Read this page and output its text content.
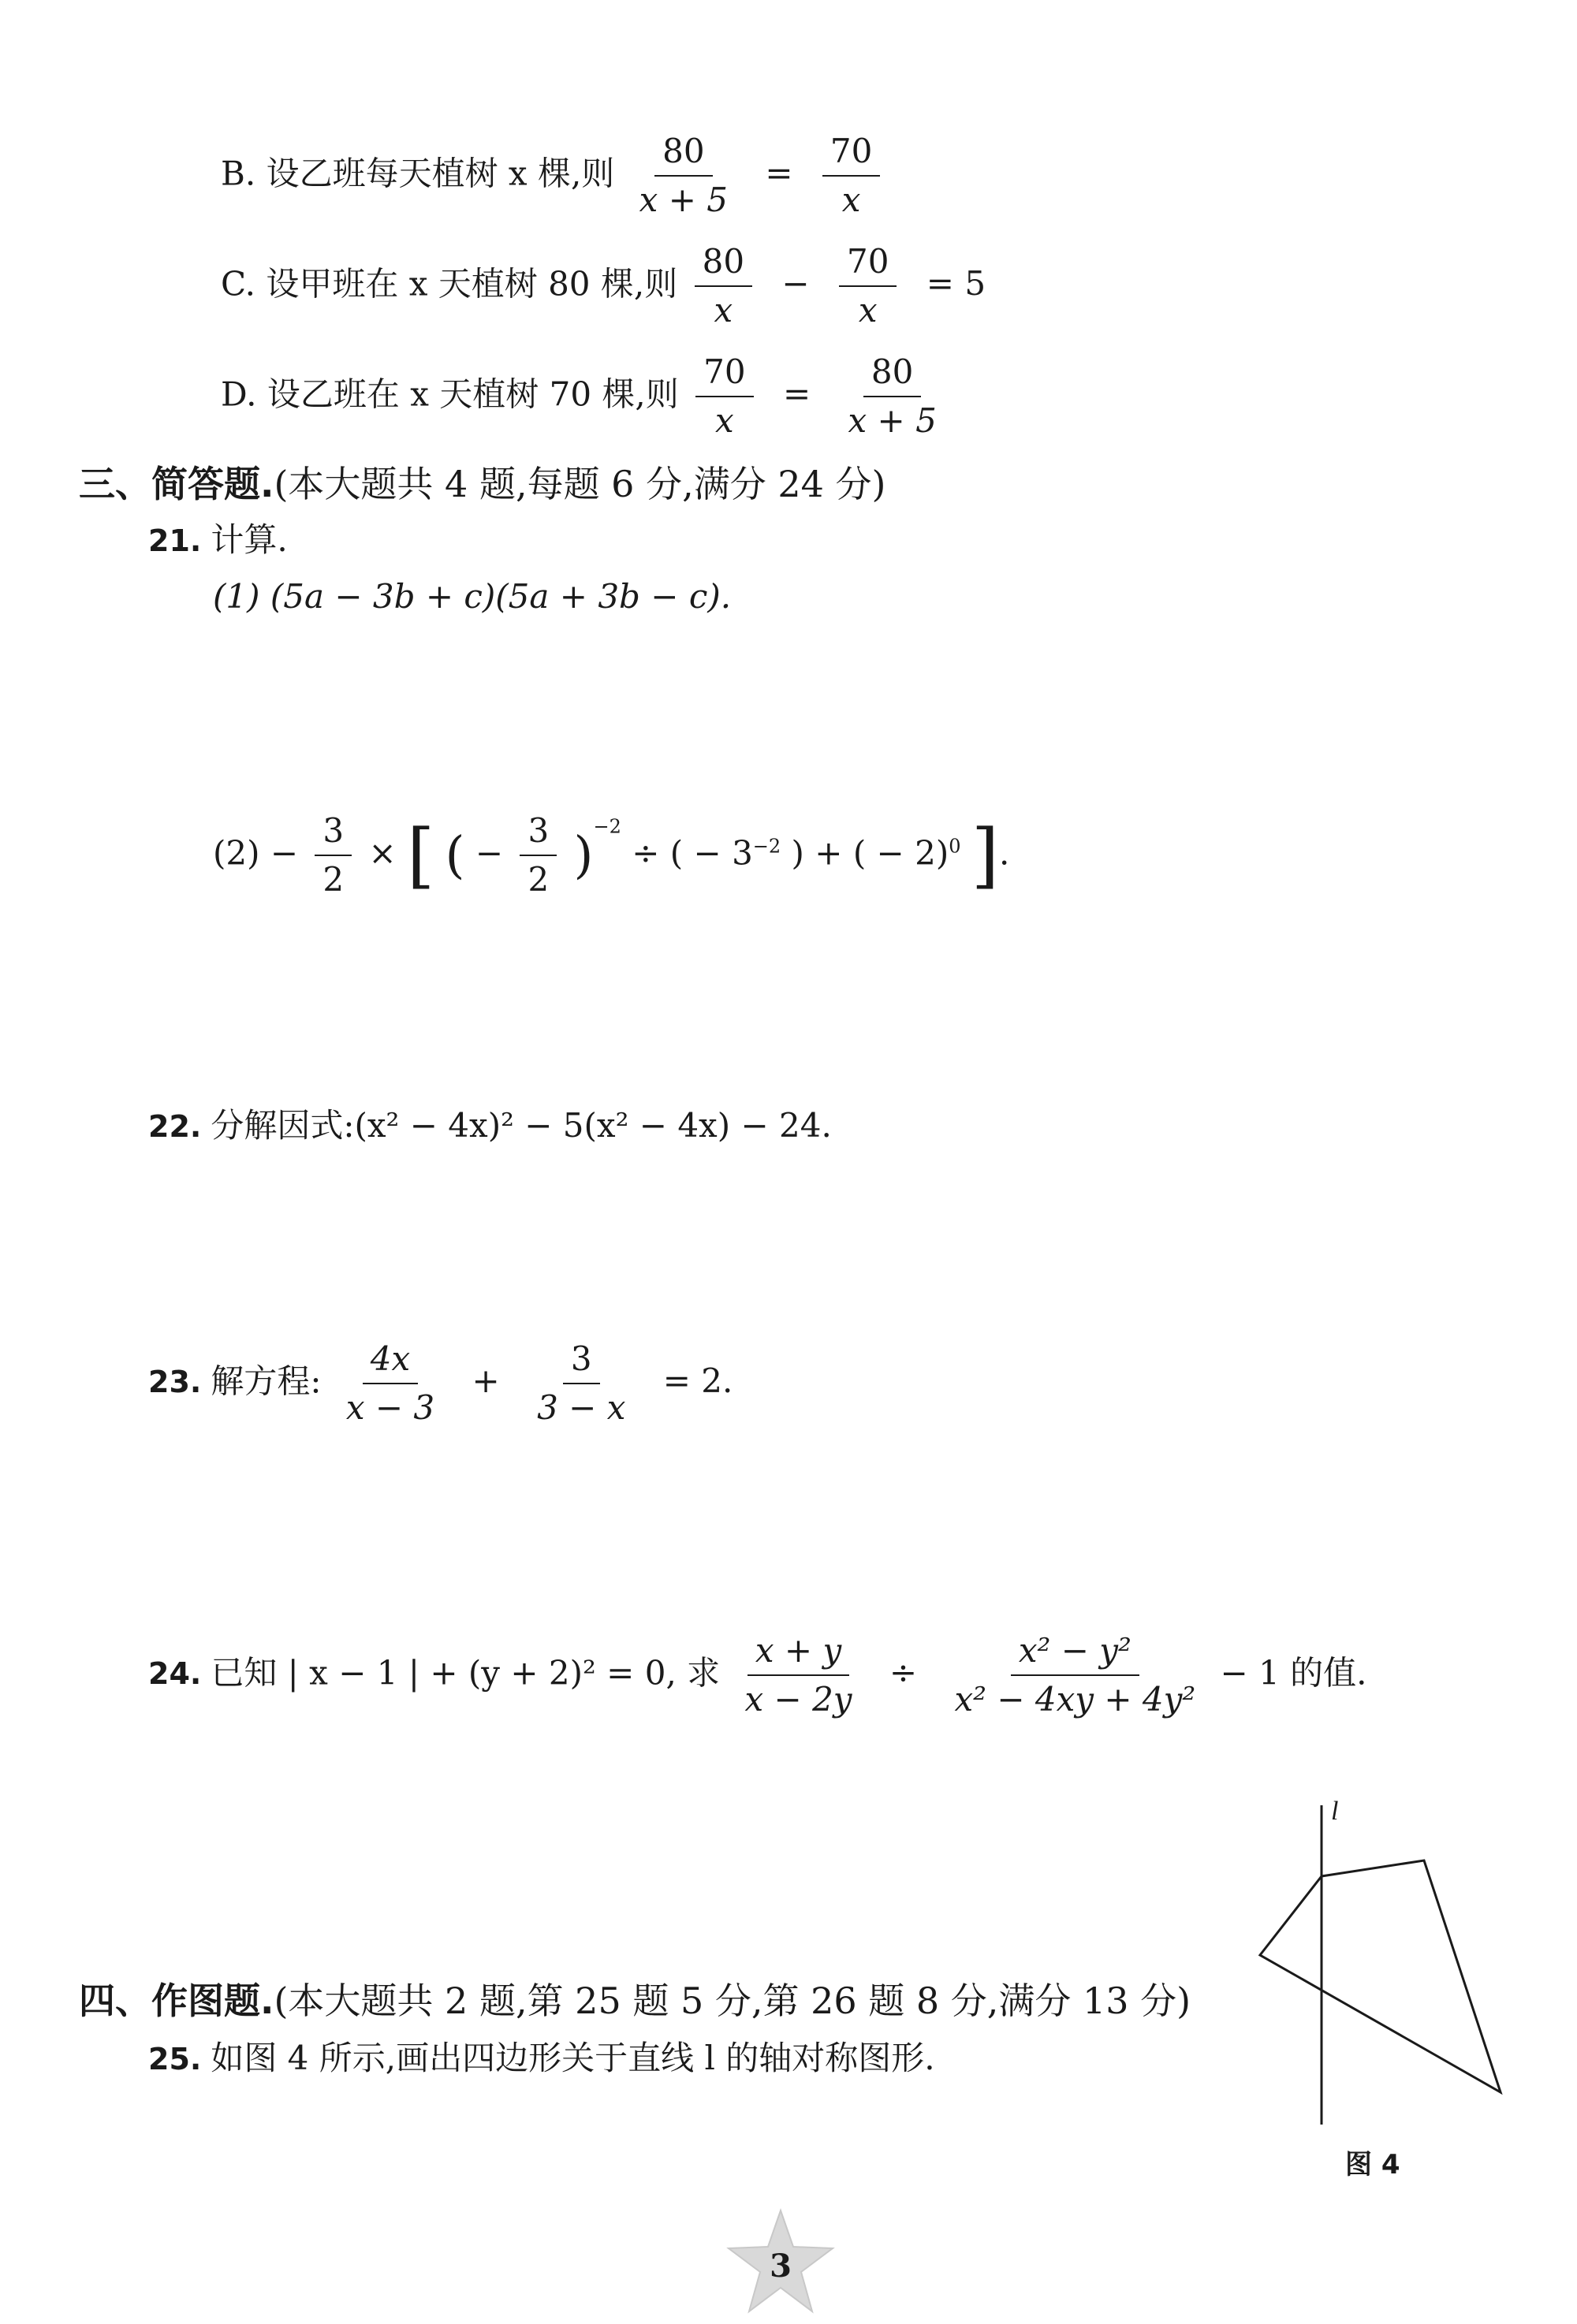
B. 设乙班每天植树 x 棵,则 $\frac{80}{x + 5} = \frac{70}{x}$
C. 设甲班在 x 天植树 80 棵,则 $\frac{80}{x} - \frac{70}{x} = 5$
D. 设乙班在 x 天植树 70 棵,则 $\frac{70}{x} = \frac{80}{x + 5}$
三、简答题.(本大题共 4 题,每题 6 分,满分 24 分)
21. 计算.
(1) (5a − 3b + c)(5a + 3b − c).
$(2) - \frac{3}{2}$ × [ ( − $\frac{3}{2} )^{-2}$ ÷ ( − $3^{-2}$ ) + ( − 2)$^0$ ].
22. 分解因式:(x² − 4x)² − 5(x² − 4x) − 24.
23. 解方程: $\frac{4x}{x - 3} + \frac{3}{3 - x} = 2$.
24. 已知 | x − 1 | + (y + 2)² = 0, 求 $\frac{x + y}{x - 2y} \div \frac{\text{x² − y²}}{\text{x² − 4xy + 4y²}} - 1$ 的值.
四、作图题.(本大题共 2 题,第 25 题 5 分,第 26 题 8 分,满分 13 分)
25. 如图 4 所示,画出四边形关于直线 l 的轴对称图形.
l
图 4
3
